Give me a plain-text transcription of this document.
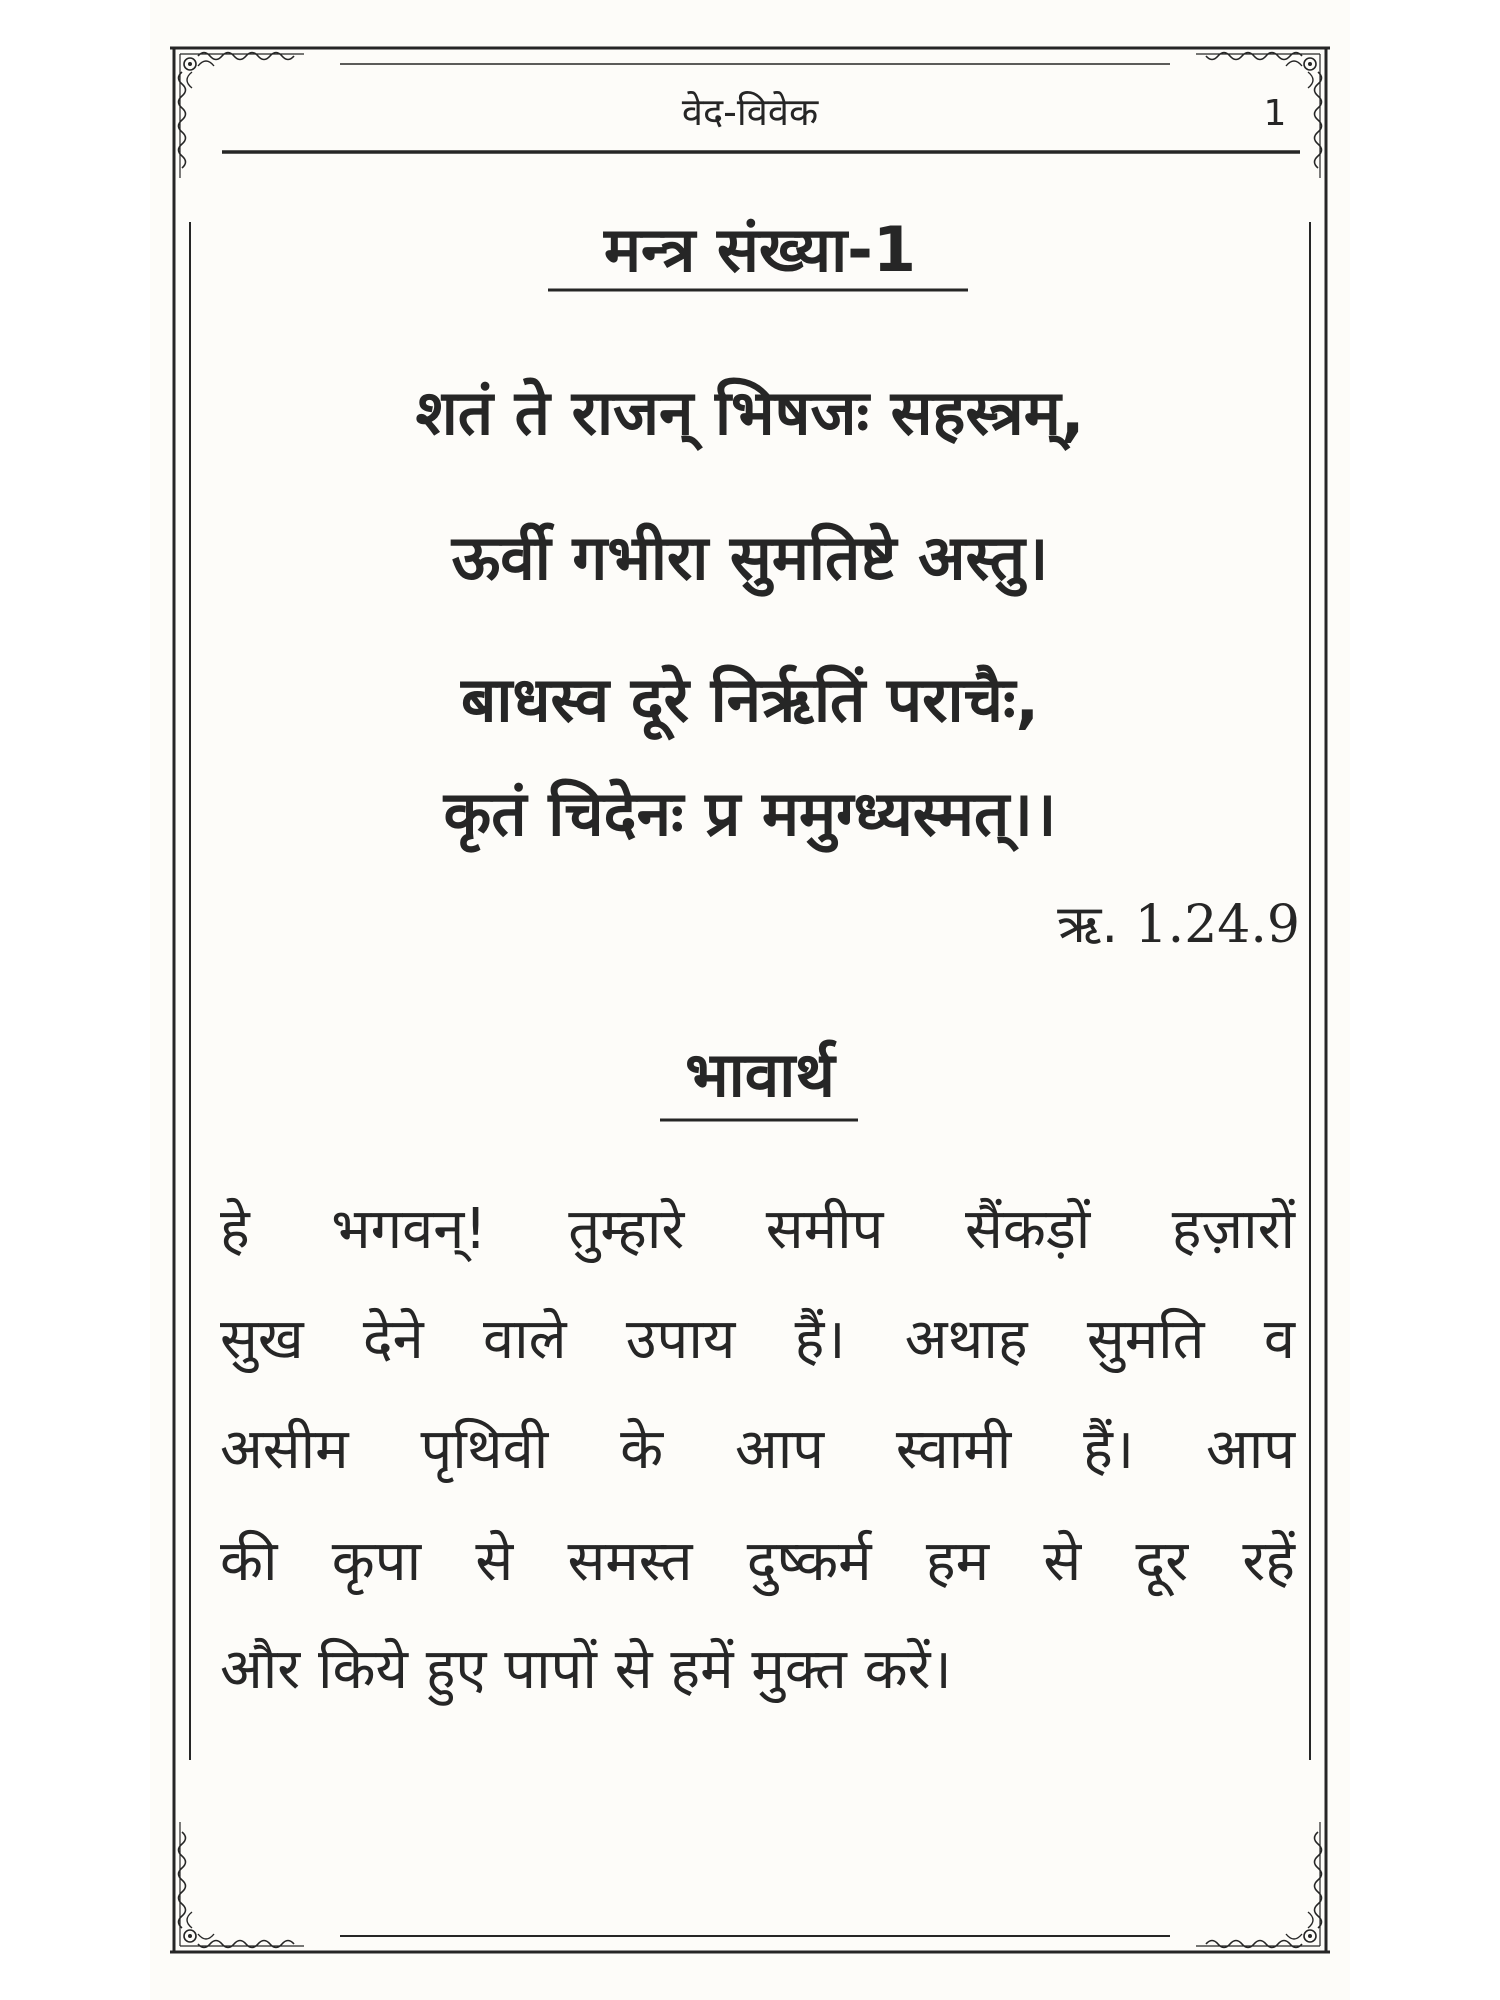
वेद-विवेक	1
मन्त्र संख्या-1
शतं ते राजन् भिषजः सहस्त्रम्,
ऊर्वी गभीरा सुमतिष्टे अस्तु।
बाधस्व दूरे निर्ऋतिं पराचैः,
कृतं चिदेनः प्र ममुग्ध्यस्मत्।।
ऋ. 1.24.9
भावार्थ
हे भगवन्! तुम्हारे समीप सैंकड़ों हज़ारों
सुख देने वाले उपाय हैं। अथाह सुमति व
असीम पृथिवी के आप स्वामी हैं। आप
की कृपा से समस्त दुष्कर्म हम से दूर रहें
और किये हुए पापों से हमें मुक्त करें।
